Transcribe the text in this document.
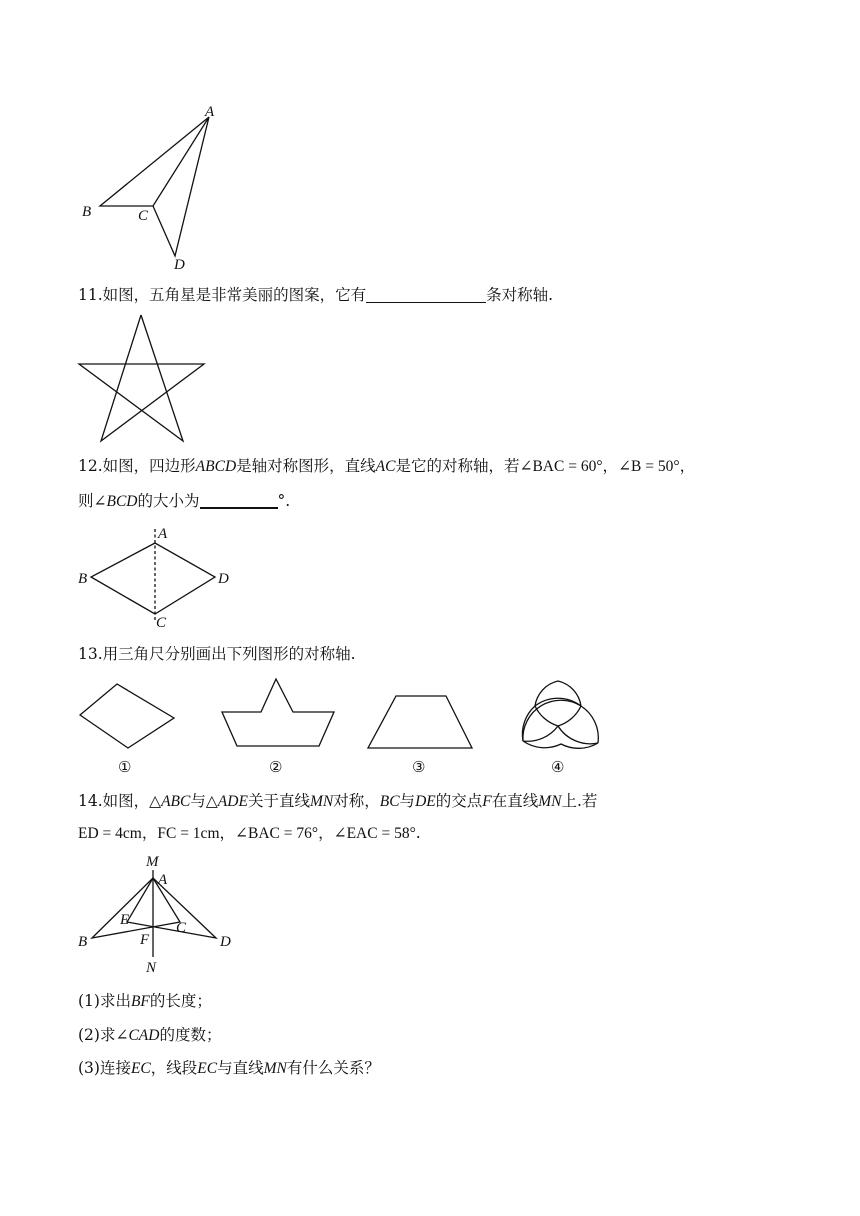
A
B	C
D
11.如图，五角星是非常美丽的图案，它有	条对称轴.
12.如图，四边形ABCD是轴对称图形，直线AC是它的对称轴，若∠BAC = 60°，∠B = 50°，
则∠BCD的大小为	°.
A
B
C
D
13.用三角尺分别画出下列图形的对称轴.
①	②	③	④
14.如图，△ABC与△ADE关于直线MN对称，BC与DE的交点F在直线MN上.若
ED = 4cm，FC = 1cm，∠BAC = 76°，∠EAC = 58°.
M
A
E	C
B	F	D
N
(1)求出BF的长度；
(2)求∠CAD的度数；
(3)连接EC，线段EC与直线MN有什么关系？
